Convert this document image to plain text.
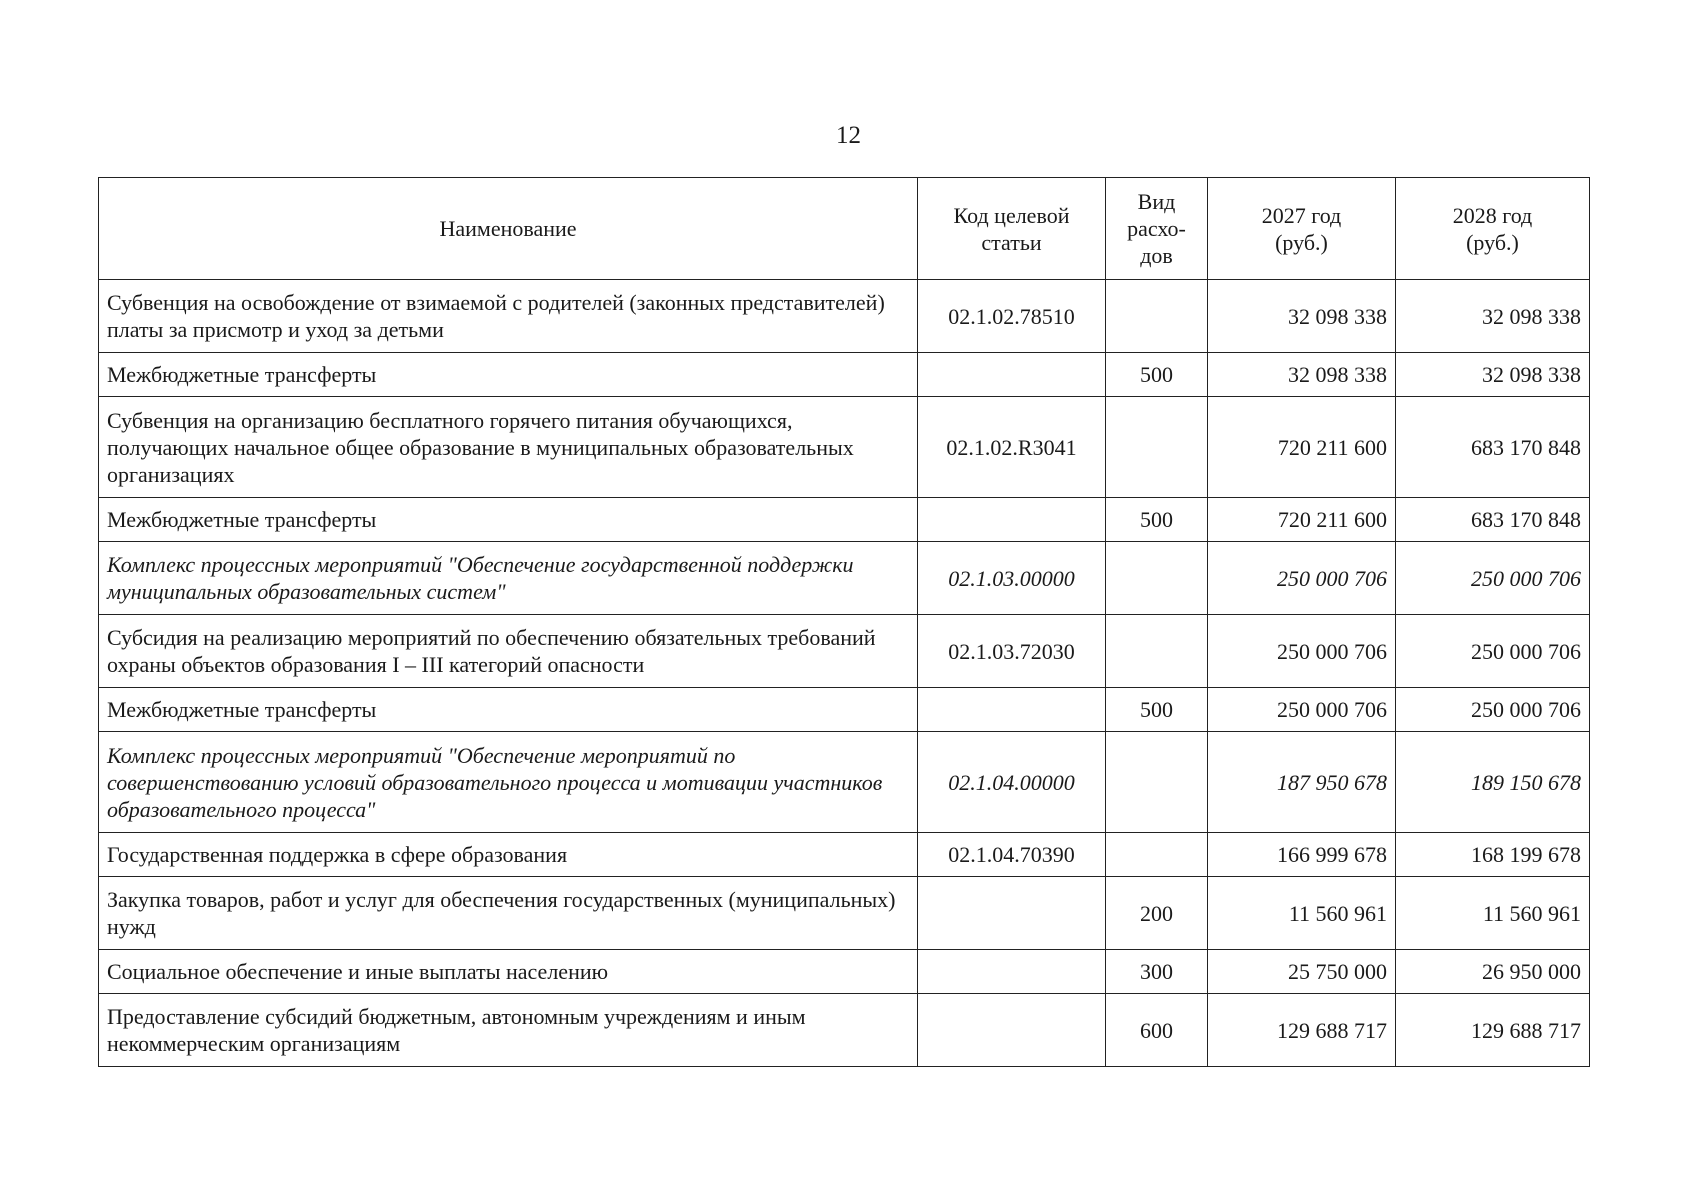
12
Наименование	Код целевой статьи	Вид расхо-дов	2027 год (руб.)	2028 год (руб.)

Субвенция на освобождение от взимаемой с родителей (законных представителей) платы за присмотр и уход за детьми	02.1.02.78510		32 098 338	32 098 338
Межбюджетные трансферты		500	32 098 338	32 098 338
Субвенция на организацию бесплатного горячего питания обучающихся, получающих начальное общее образование в муниципальных образовательных организациях	02.1.02.R3041		720 211 600	683 170 848
Межбюджетные трансферты		500	720 211 600	683 170 848
Комплекс процессных мероприятий "Обеспечение государственной поддержки муниципальных образовательных систем"	02.1.03.00000		250 000 706	250 000 706
Субсидия на реализацию мероприятий по обеспечению обязательных требований охраны объектов образования I – III категорий опасности	02.1.03.72030		250 000 706	250 000 706
Межбюджетные трансферты		500	250 000 706	250 000 706
Комплекс процессных мероприятий "Обеспечение мероприятий по совершенствованию условий образовательного процесса и мотивации участников образовательного процесса"	02.1.04.00000		187 950 678	189 150 678
Государственная поддержка в сфере образования	02.1.04.70390		166 999 678	168 199 678
Закупка товаров, работ и услуг для обеспечения государственных (муниципальных) нужд		200	11 560 961	11 560 961
Социальное обеспечение и иные выплаты населению		300	25 750 000	26 950 000
Предоставление субсидий бюджетным, автономным учреждениям и иным некоммерческим организациям		600	129 688 717	129 688 717
